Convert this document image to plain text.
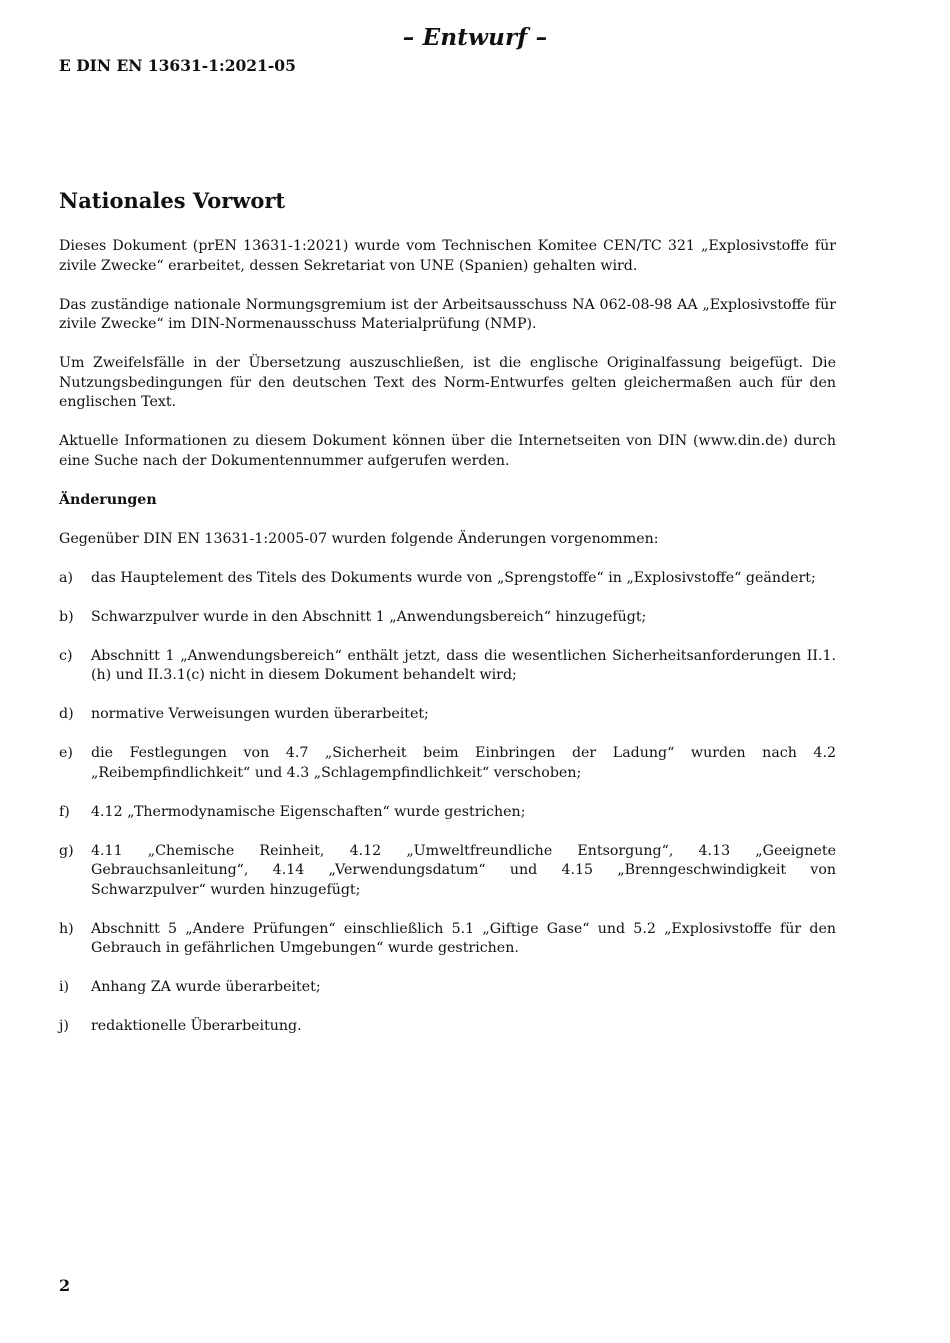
– Entwurf –
E DIN EN 13631-1:2021-05
Nationales Vorwort

Dieses Dokument (prEN 13631-1:2021) wurde vom Technischen Komitee CEN/TC 321 „Explosivstoffe für zivile Zwecke“ erarbeitet, dessen Sekretariat von UNE (Spanien) gehalten wird.

Das zuständige nationale Normungsgremium ist der Arbeitsausschuss NA 062-08-98 AA „Explosivstoffe für zivile Zwecke“ im DIN-Normenausschuss Materialprüfung (NMP).

Um Zweifelsfälle in der Übersetzung auszuschließen, ist die englische Originalfassung beigefügt. Die Nutzungsbedingungen für den deutschen Text des Norm-Entwurfes gelten gleichermaßen auch für den englischen Text.

Aktuelle Informationen zu diesem Dokument können über die Internetseiten von DIN (www.din.de) durch eine Suche nach der Dokumentennummer aufgerufen werden.

Änderungen

Gegenüber DIN EN 13631-1:2005-07 wurden folgende Änderungen vorgenommen:

a)	das Hauptelement des Titels des Dokuments wurde von „Sprengstoffe“ in „Explosivstoffe“ geändert;
b)	Schwarzpulver wurde in den Abschnitt 1 „Anwendungsbereich“ hinzugefügt;
c)	Abschnitt 1 „Anwendungsbereich“ enthält jetzt, dass die wesentlichen Sicherheitsanforderungen II.1.(h) und II.3.1(c) nicht in diesem Dokument behandelt wird;
d)	normative Verweisungen wurden überarbeitet;
e)	die Festlegungen von 4.7 „Sicherheit beim Einbringen der Ladung“ wurden nach 4.2 „Reibempfindlichkeit“ und 4.3 „Schlagempfindlichkeit“ verschoben;
f)	4.12 „Thermodynamische Eigenschaften“ wurde gestrichen;
g)	4.11 „Chemische Reinheit, 4.12 „Umweltfreundliche Entsorgung“, 4.13 „Geeignete Gebrauchsanleitung“, 4.14 „Verwendungsdatum“ und 4.15 „Brenngeschwindigkeit von Schwarzpulver“ wurden hinzugefügt;
h)	Abschnitt 5 „Andere Prüfungen“ einschließlich 5.1 „Giftige Gase“ und 5.2 „Explosivstoffe für den Gebrauch in gefährlichen Umgebungen“ wurde gestrichen.
i)	Anhang ZA wurde überarbeitet;
j)	redaktionelle Überarbeitung.
2
